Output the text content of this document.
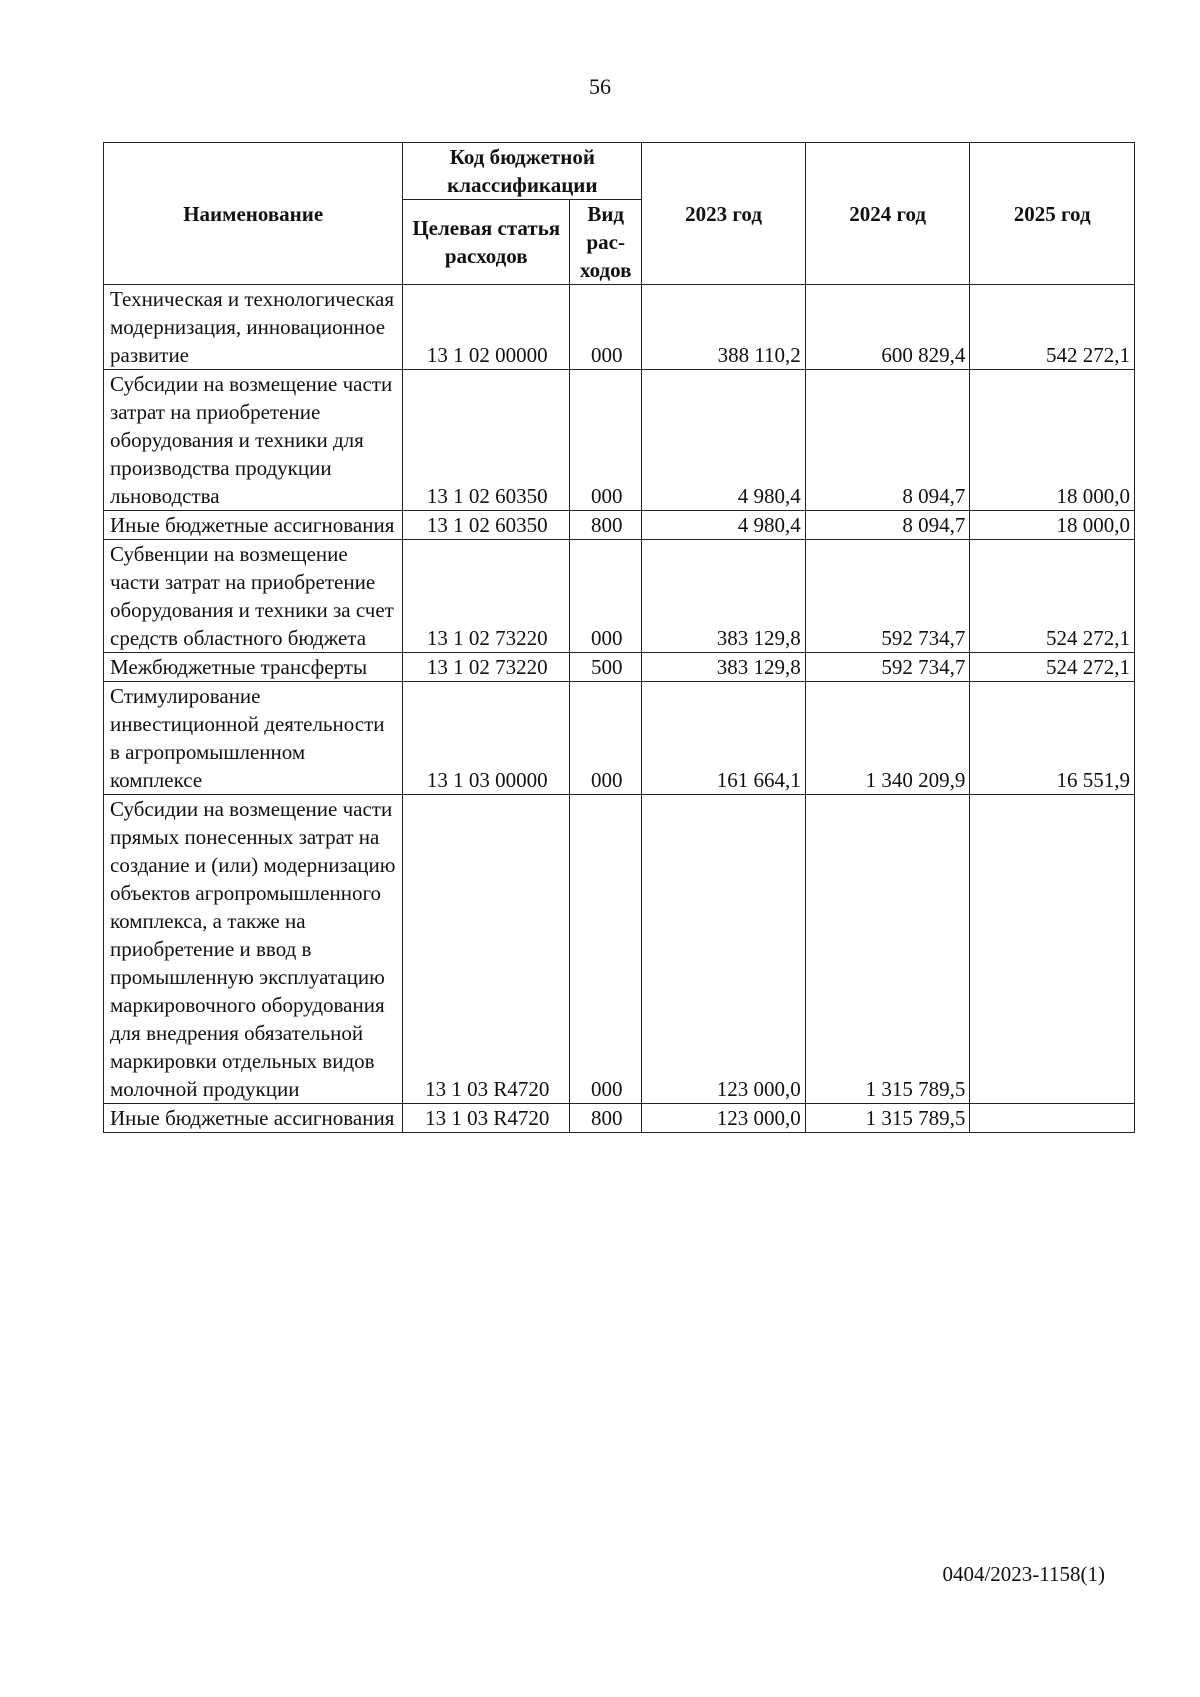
56
Наименование	Код бюджетной классификации		2023 год	2024 год	2025 год
	Целевая статья расходов	Вид рас-ходов			
Техническая и технологическая модернизация, инновационное развитие	13 1 02 00000	000	388 110,2	600 829,4	542 272,1
Субсидии на возмещение части затрат на приобретение оборудования и техники для производства продукции льноводства	13 1 02 60350	000	4 980,4	8 094,7	18 000,0
Иные бюджетные ассигнования	13 1 02 60350	800	4 980,4	8 094,7	18 000,0
Субвенции на возмещение части затрат на приобретение оборудования и техники за счет средств областного бюджета	13 1 02 73220	000	383 129,8	592 734,7	524 272,1
Межбюджетные трансферты	13 1 02 73220	500	383 129,8	592 734,7	524 272,1
Стимулирование инвестиционной деятельности в агропромышленном комплексе	13 1 03 00000	000	161 664,1	1 340 209,9	16 551,9
Субсидии на возмещение части прямых понесенных затрат на создание и (или) модернизацию объектов агропромышленного комплекса, а также на приобретение и ввод в промышленную эксплуатацию маркировочного оборудования для внедрения обязательной маркировки отдельных видов молочной продукции	13 1 03 R4720	000	123 000,0	1 315 789,5	
Иные бюджетные ассигнования	13 1 03 R4720	800	123 000,0	1 315 789,5	
0404/2023-1158(1)
